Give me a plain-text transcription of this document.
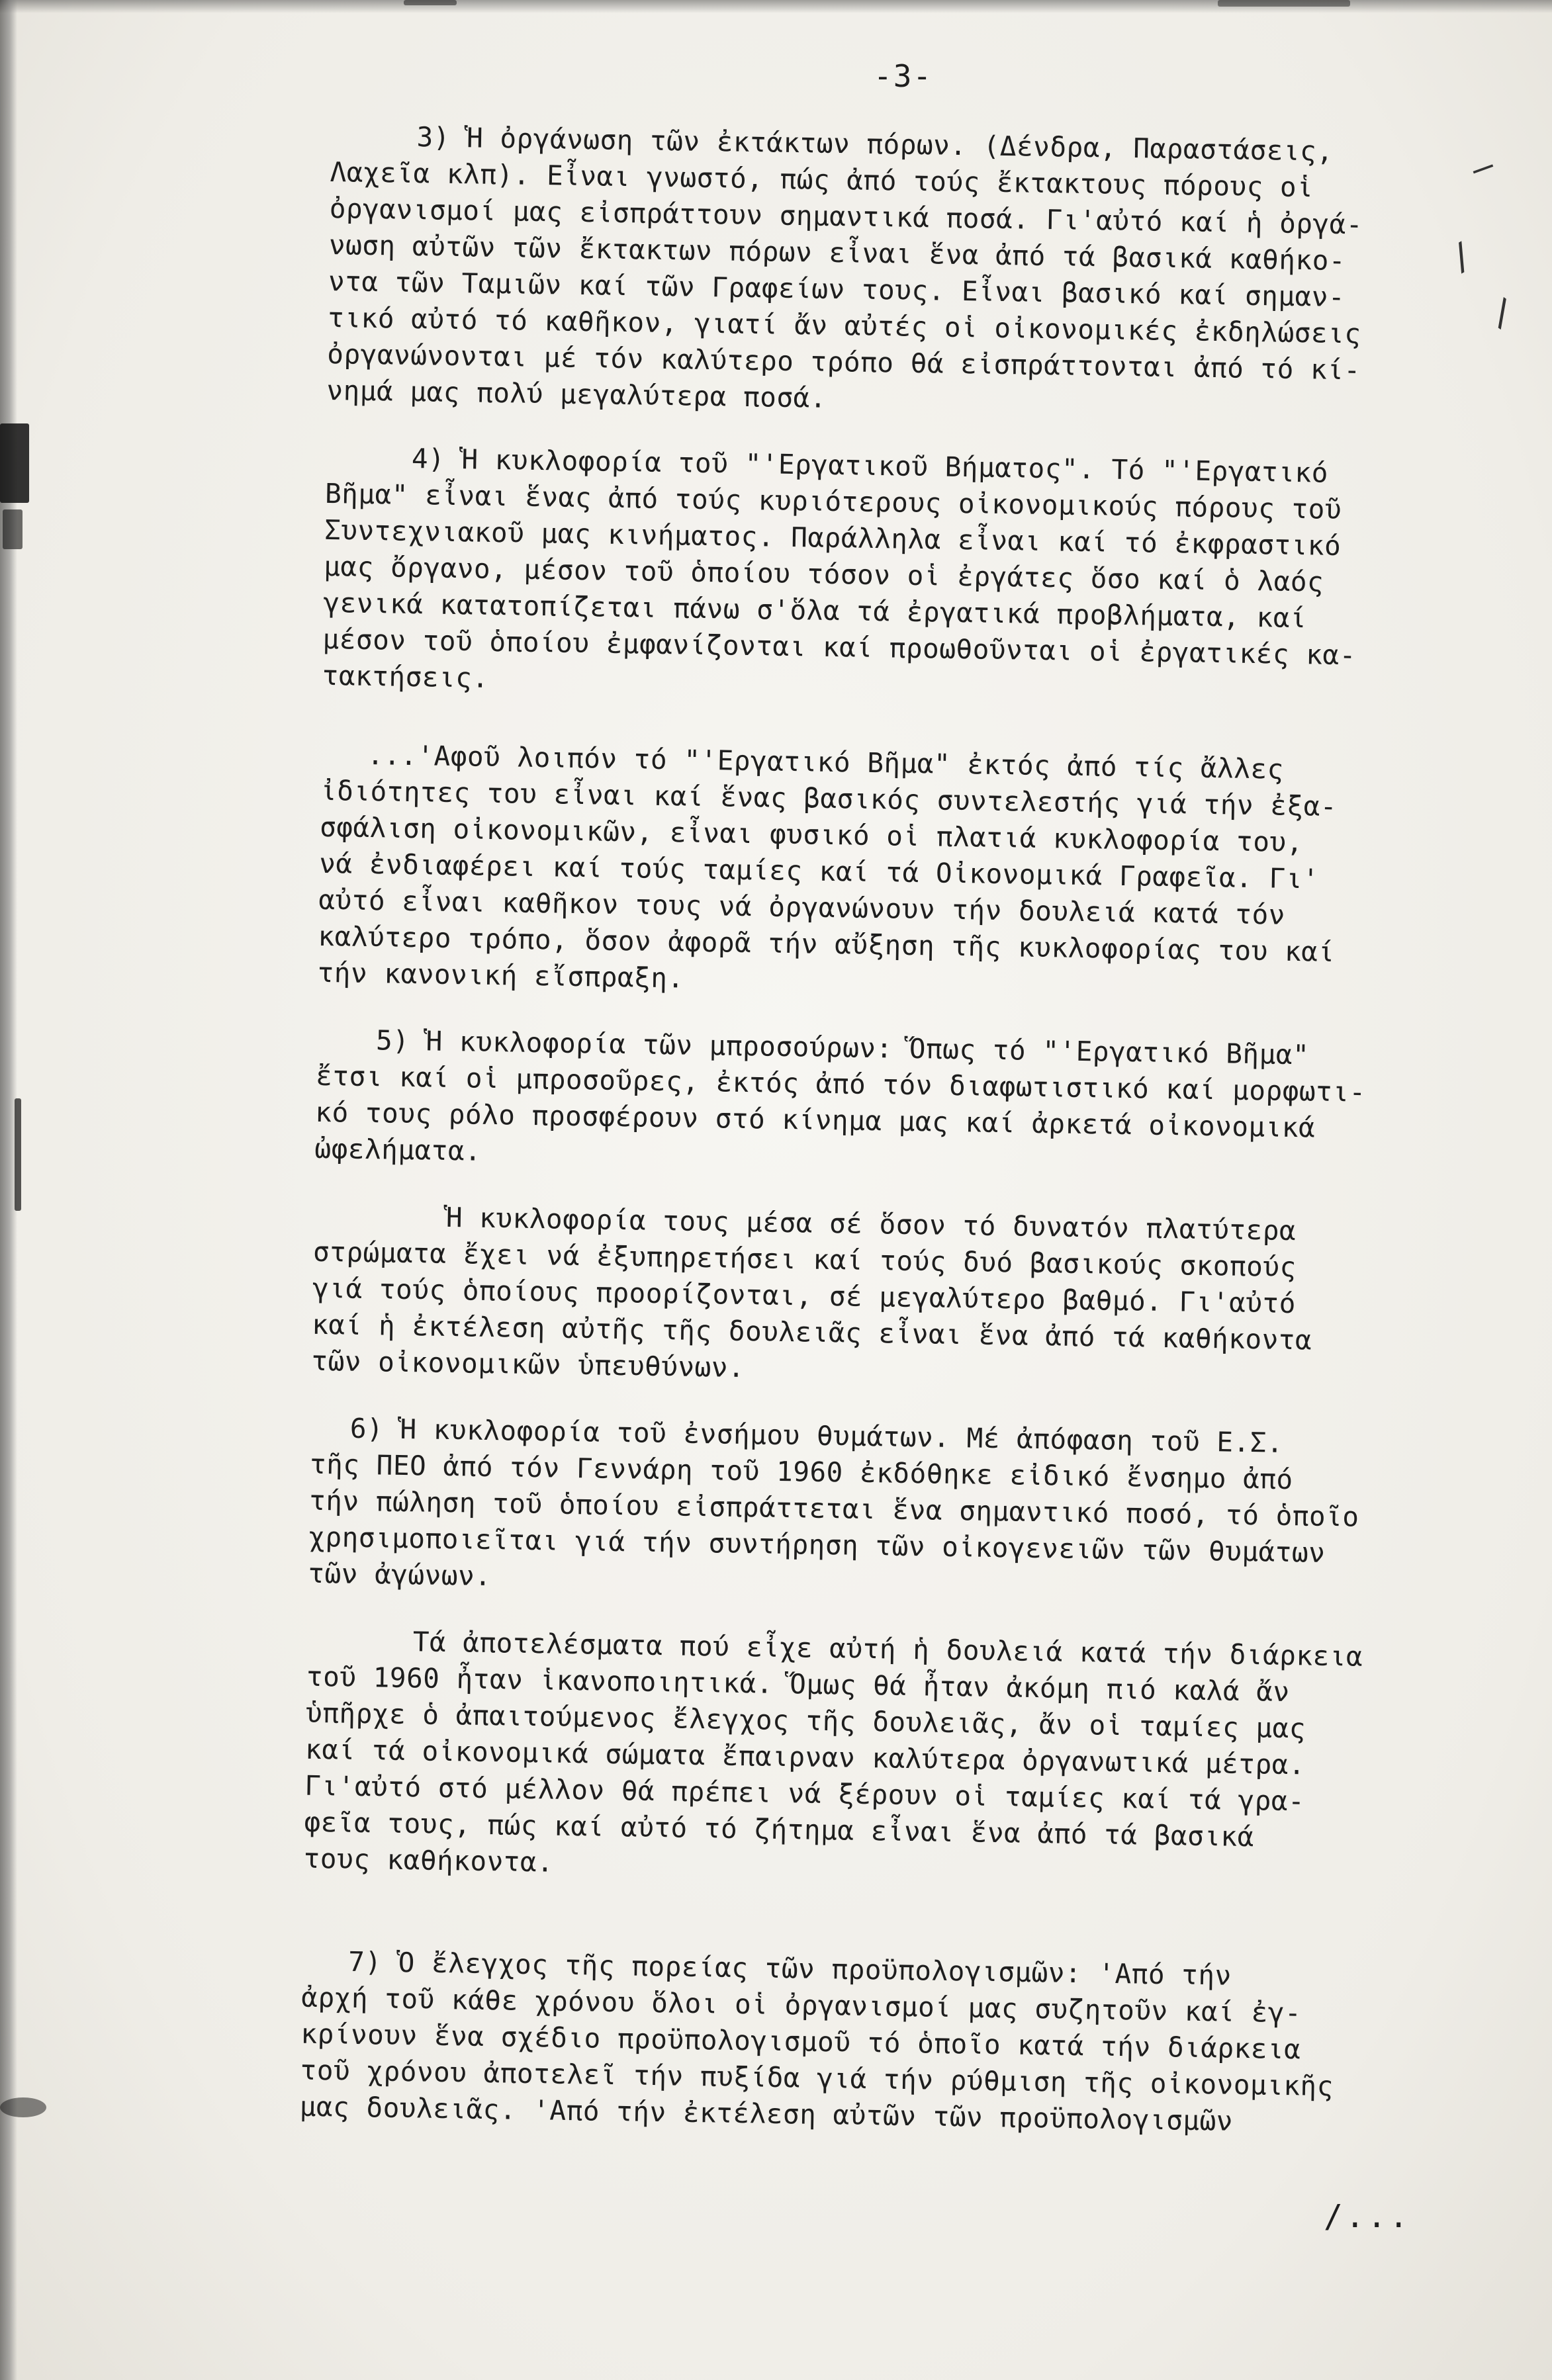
–
/
\
-3-

3) Ἡ ὀργάνωση τῶν ἐκτάκτων πόρων. (Δένδρα, Παραστάσεις,
Λαχεῖα κλπ). Εἶναι γνωστό, πώς ἀπό τούς ἔκτακτους πόρους οἱ
ὀργανισμοί μας εἰσπράττουν σημαντικά ποσά. Γι'αὐτό καί ἡ ὀργά-
νωση αὐτῶν τῶν ἔκτακτων πόρων εἶναι ἕνα ἀπό τά βασικά καθήκο-
ντα τῶν Ταμιῶν καί τῶν Γραφείων τους. Εἶναι βασικό καί σημαν-
τικό αὐτό τό καθῆκον, γιατί ἄν αὐτές οἱ οἰκονομικές ἐκδηλώσεις
ὀργανώνονται μέ τόν καλύτερο τρόπο θά εἰσπράττονται ἀπό τό κί-
νημά μας πολύ μεγαλύτερα ποσά.

4) Ἡ κυκλοφορία τοῦ "'Εργατικοῦ Βήματος". Τό "'Εργατικό
Βῆμα" εἶναι ἕνας ἀπό τούς κυριότερους οἰκονομικούς πόρους τοῦ
Συντεχνιακοῦ μας κινήματος. Παράλληλα εἶναι καί τό ἐκφραστικό
μας ὄργανο, μέσον τοῦ ὁποίου τόσον οἱ ἐργάτες ὅσο καί ὁ λαός
γενικά κατατοπίζεται πάνω σ'ὅλα τά ἐργατικά προβλήματα, καί
μέσον τοῦ ὁποίου ἐμφανίζονται καί προωθοῦνται οἱ ἐργατικές κα-
τακτήσεις.

...'Αφοῦ λοιπόν τό "'Εργατικό Βῆμα" ἐκτός ἀπό τίς ἄλλες
ἰδιότητες του εἶναι καί ἕνας βασικός συντελεστής γιά τήν ἐξα-
σφάλιση οἰκονομικῶν, εἶναι φυσικό οἱ πλατιά κυκλοφορία του,
νά ἐνδιαφέρει καί τούς ταμίες καί τά Οἰκονομικά Γραφεῖα. Γι'
αὐτό εἶναι καθῆκον τους νά ὀργανώνουν τήν δουλειά κατά τόν
καλύτερο τρόπο, ὅσον ἀφορᾶ τήν αὔξηση τῆς κυκλοφορίας του καί
τήν κανονική εἴσπραξη.

5) Ἡ κυκλοφορία τῶν μπροσούρων: Ὅπως τό "'Εργατικό Βῆμα"
ἔτσι καί οἱ μπροσοῦρες, ἐκτός ἀπό τόν διαφωτιστικό καί μορφωτι-
κό τους ρόλο προσφέρουν στό κίνημα μας καί ἀρκετά οἰκονομικά
ὠφελήματα.

Ἡ κυκλοφορία τους μέσα σέ ὅσον τό δυνατόν πλατύτερα
στρώματα ἔχει νά ἐξυπηρετήσει καί τούς δυό βασικούς σκοπούς
γιά τούς ὁποίους προορίζονται, σέ μεγαλύτερο βαθμό. Γι'αὐτό
καί ἡ ἐκτέλεση αὐτῆς τῆς δουλειᾶς εἶναι ἕνα ἀπό τά καθήκοντα
τῶν οἰκονομικῶν ὑπευθύνων.

6) Ἡ κυκλοφορία τοῦ ἐνσήμου θυμάτων. Μέ ἀπόφαση τοῦ Ε.Σ.
τῆς ΠΕΟ ἀπό τόν Γεννάρη τοῦ 1960 ἐκδόθηκε εἰδικό ἔνσημο ἀπό
τήν πώληση τοῦ ὁποίου εἰσπράττεται ἕνα σημαντικό ποσό, τό ὁποῖο
χρησιμοποιεῖται γιά τήν συντήρηση τῶν οἰκογενειῶν τῶν θυμάτων
τῶν ἀγώνων.

Τά ἀποτελέσματα πού εἶχε αὐτή ἡ δουλειά κατά τήν διάρκεια
τοῦ 1960 ἦταν ἱκανοποιητικά. Ὅμως θά ἦταν ἀκόμη πιό καλά ἄν
ὑπῆρχε ὁ ἀπαιτούμενος ἔλεγχος τῆς δουλειᾶς, ἄν οἱ ταμίες μας
καί τά οἰκονομικά σώματα ἔπαιρναν καλύτερα ὀργανωτικά μέτρα.
Γι'αὐτό στό μέλλον θά πρέπει νά ξέρουν οἱ ταμίες καί τά γρα-
φεῖα τους, πώς καί αὐτό τό ζήτημα εἶναι ἕνα ἀπό τά βασικά
τους καθήκοντα.

7) Ὁ ἔλεγχος τῆς πορείας τῶν προϋπολογισμῶν: 'Από τήν
ἀρχή τοῦ κάθε χρόνου ὅλοι οἱ ὀργανισμοί μας συζητοῦν καί ἐγ-
κρίνουν ἕνα σχέδιο προϋπολογισμοῦ τό ὁποῖο κατά τήν διάρκεια
τοῦ χρόνου ἀποτελεῖ τήν πυξίδα γιά τήν ρύθμιση τῆς οἰκονομικῆς
μας δουλειᾶς. 'Από τήν ἐκτέλεση αὐτῶν τῶν προϋπολογισμῶν

/...
